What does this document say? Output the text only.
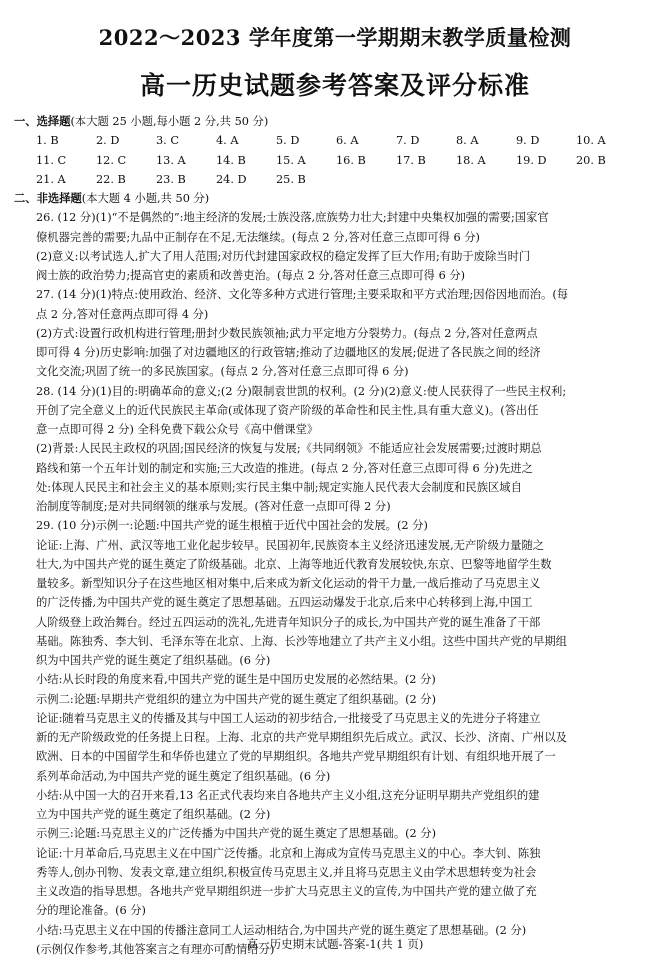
2022～2023 学年度第一学期期末教学质量检测
高一历史试题参考答案及评分标准
一、选择题(本大题 25 小题,每小题 2 分,共 50 分)
1. B	2. D	3. C	4. A	5. D	6. A	7. D	8. A	9. D	10. A
11. C	12. C	13. A	14. B	15. A	16. B	17. B	18. A	19. D	20. B
21. A	22. B	23. B	24. D	25. B
二、非选择题(本大题 4 小题,共 50 分)
26. (12 分)(1)“不是偶然的”:地主经济的发展;士族没落,庶族势力壮大;封建中央集权加强的需要;国家官
僚机器完善的需要;九品中正制存在不足,无法继续。(每点 2 分,答对任意三点即可得 6 分)
(2)意义:以考试选人,扩大了用人范围;对历代封建国家政权的稳定发挥了巨大作用;有助于废除当时门
阀士族的政治势力;提高官吏的素质和改善吏治。(每点 2 分,答对任意三点即可得 6 分)
27. (14 分)(1)特点:使用政治、经济、文化等多种方式进行管理;主要采取和平方式治理;因俗因地而治。(每
点 2 分,答对任意两点即可得 4 分)
(2)方式:设置行政机构进行管理;册封少数民族领袖;武力平定地方分裂势力。(每点 2 分,答对任意两点
即可得 4 分)历史影响:加强了对边疆地区的行政管辖;推动了边疆地区的发展;促进了各民族之间的经济
文化交流;巩固了统一的多民族国家。(每点 2 分,答对任意三点即可得 6 分)
28. (14 分)(1)目的:明确革命的意义;(2 分)限制袁世凯的权利。(2 分)(2)意义:使人民获得了一些民主权利;
开创了完全意义上的近代民族民主革命(或体现了资产阶级的革命性和民主性,具有重大意义)。(答出任
意一点即可得 2 分) 全科免费下载公众号《高中僧课堂》
(2)背景:人民民主政权的巩固;国民经济的恢复与发展;《共同纲领》不能适应社会发展需要;过渡时期总
路线和第一个五年计划的制定和实施;三大改造的推进。(每点 2 分,答对任意三点即可得 6 分)先进之
处:体现人民民主和社会主义的基本原则;实行民主集中制;规定实施人民代表大会制度和民族区域自
治制度等制度;是对共同纲领的继承与发展。(答对任意一点即可得 2 分)
29. (10 分)示例一:论题:中国共产党的诞生根植于近代中国社会的发展。(2 分)
论证:上海、广州、武汉等地工业化起步较早。民国初年,民族资本主义经济迅速发展,无产阶级力量随之
壮大,为中国共产党的诞生奠定了阶级基础。北京、上海等地近代教育发展较快,东京、巴黎等地留学生数
量较多。新型知识分子在这些地区相对集中,后来成为新文化运动的骨干力量,一战后推动了马克思主义
的广泛传播,为中国共产党的诞生奠定了思想基础。五四运动爆发于北京,后来中心转移到上海,中国工
人阶级登上政治舞台。经过五四运动的洗礼,先进青年知识分子的成长,为中国共产党的诞生准备了干部
基础。陈独秀、李大钊、毛泽东等在北京、上海、长沙等地建立了共产主义小组。这些中国共产党的早期组
织为中国共产党的诞生奠定了组织基础。(6 分)
小结:从长时段的角度来看,中国共产党的诞生是中国历史发展的必然结果。(2 分)
示例二:论题:早期共产党组织的建立为中国共产党的诞生奠定了组织基础。(2 分)
论证:随着马克思主义的传播及其与中国工人运动的初步结合,一批接受了马克思主义的先进分子将建立
新的无产阶级政党的任务提上日程。上海、北京的共产党早期组织先后成立。武汉、长沙、济南、广州以及
欧洲、日本的中国留学生和华侨也建立了党的早期组织。各地共产党早期组织有计划、有组织地开展了一
系列革命活动,为中国共产党的诞生奠定了组织基础。(6 分)
小结:从中国一大的召开来看,13 名正式代表均来自各地共产主义小组,这充分证明早期共产党组织的建
立为中国共产党的诞生奠定了组织基础。(2 分)
示例三:论题:马克思主义的广泛传播为中国共产党的诞生奠定了思想基础。(2 分)
论证:十月革命后,马克思主义在中国广泛传播。北京和上海成为宣传马克思主义的中心。李大钊、陈独
秀等人,创办刊物、发表文章,建立组织,积极宣传马克思主义,并且将马克思主义由学术思想转变为社会
主义改造的指导思想。各地共产党早期组织进一步扩大马克思主义的宣传,为中国共产党的建立做了充
分的理论准备。(6 分)
小结:马克思主义在中国的传播注意同工人运动相结合,为中国共产党的诞生奠定了思想基础。(2 分)
(示例仅作参考,其他答案言之有理亦可酌情给分)
高一历史期末试题-答案-1(共 1 页)
